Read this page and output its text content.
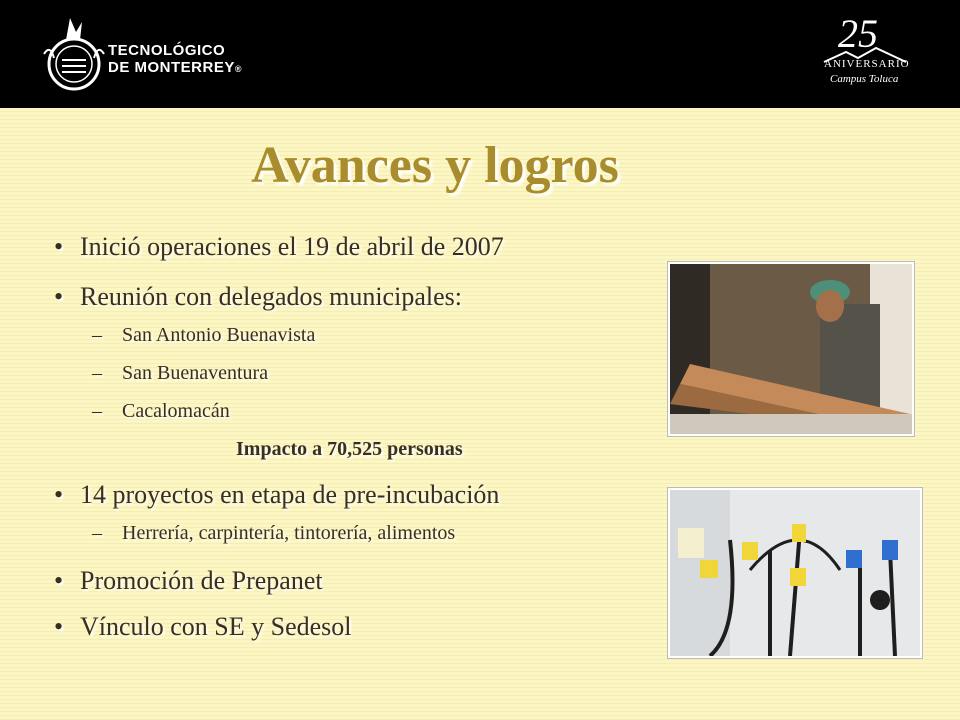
TECNOLÓGICO
DE MONTERREY®
25
ANIVERSARIO
Campus Toluca
Avances y logros
• Inició operaciones el 19 de abril de 2007
• Reunión con delegados municipales:
– San Antonio Buenavista
– San Buenaventura
– Cacalomacán
Impacto a 70,525 personas
• 14 proyectos en etapa de pre-incubación
– Herrería, carpintería, tintorería, alimentos
• Promoción de Prepanet
• Vínculo con SE y Sedesol
